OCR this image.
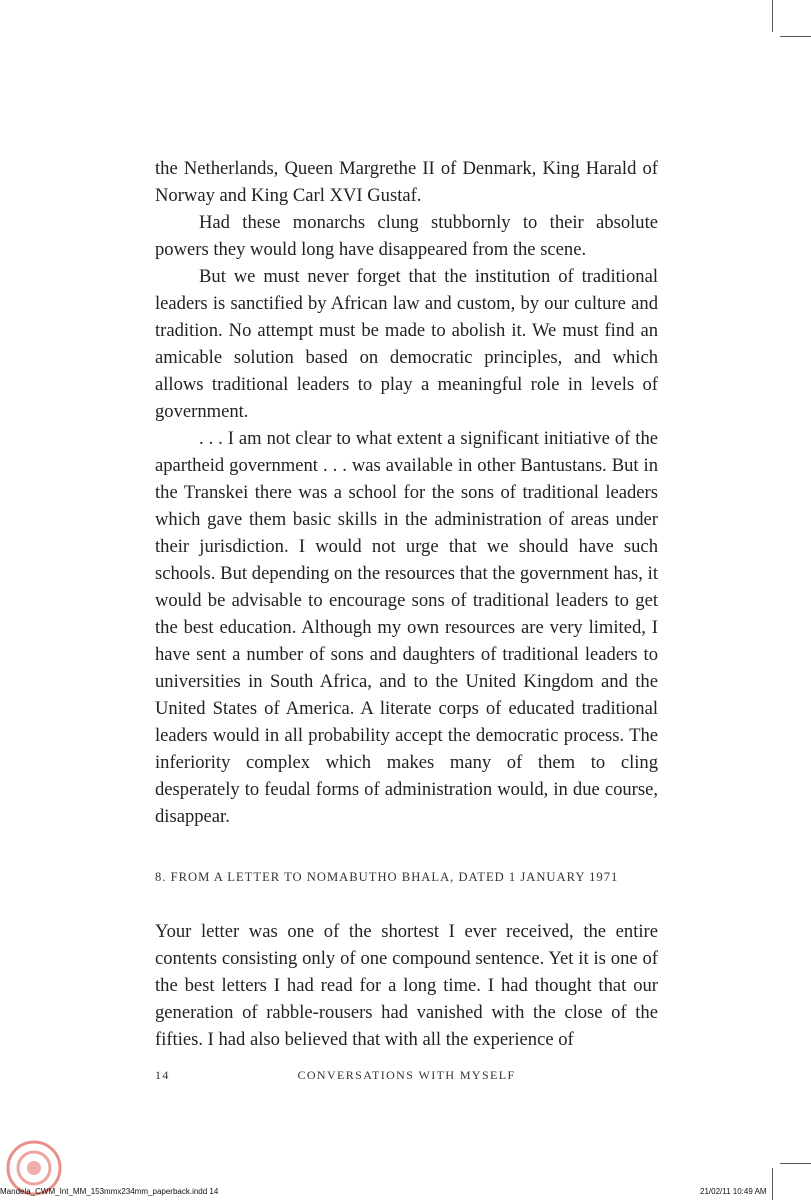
the Netherlands, Queen Margrethe II of Denmark, King Harald of Norway and King Carl XVI Gustaf.

Had these monarchs clung stubbornly to their absolute powers they would long have disappeared from the scene.

But we must never forget that the institution of traditional leaders is sanctified by African law and custom, by our culture and tradition. No attempt must be made to abolish it. We must find an amicable solution based on democratic principles, and which allows traditional leaders to play a meaningful role in levels of government.

. . . I am not clear to what extent a significant initiative of the apartheid government . . . was available in other Bantustans. But in the Transkei there was a school for the sons of traditional leaders which gave them basic skills in the administration of areas under their jurisdiction. I would not urge that we should have such schools. But depending on the resources that the government has, it would be advisable to encourage sons of traditional leaders to get the best education. Although my own resources are very limited, I have sent a number of sons and daughters of traditional leaders to universities in South Africa, and to the United Kingdom and the United States of America. A literate corps of educated traditional leaders would in all probability accept the democratic process. The inferiority complex which makes many of them to cling desperately to feudal forms of administration would, in due course, disappear.

8. FROM A LETTER TO NOMABUTHO BHALA, DATED 1 JANUARY 1971

Your letter was one of the shortest I ever received, the entire contents consisting only of one compound sentence. Yet it is one of the best letters I had read for a long time. I had thought that our generation of rabble-rousers had vanished with the close of the fifties. I had also believed that with all the experience of

14	CONVERSATIONS WITH MYSELF
Mandela_CWM_Int_MM_153mmx234mm_paperback.indd 14	21/02/11 10:49 AM
